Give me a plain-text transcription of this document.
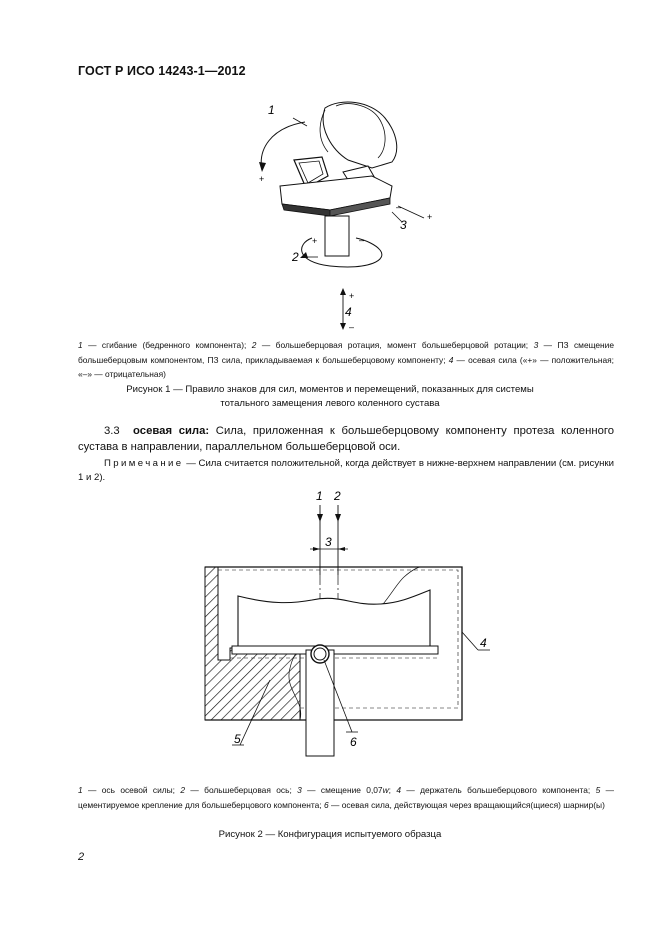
ГОСТ Р ИСО 14243-1—2012
+
+	–
–
+
1
2
3
+
–
4
1 — сгибание (бедренного компонента); 2 — большеберцовая ротация, момент большеберцовой ротации; 3 — ПЗ смещение большеберцовым компонентом, ПЗ сила, прикладываемая к большеберцовому компоненту; 4 — осевая сила («+» — положительная; «–» — отрицательная)
Рисунок 1 — Правило знаков для сил, моментов и перемещений, показанных для системы
тотального замещения левого коленного сустава
3.3 осевая сила: Сила, приложенная к большеберцовому компоненту протеза коленного сустава в направлении, параллельном большеберцовой оси.
Примечание — Сила считается положительной, когда действует в нижне-верхнем направлении (см. рисунки 1 и 2).
1 2
3
4
5	6
1 — ось осевой силы; 2 — большеберцовая ось; 3 — смещение 0,07w; 4 — держатель большеберцового компонента; 5 — цементируемое крепление для большеберцового компонента; 6 — осевая сила, действующая через вращающийся(щиеся) шарнир(ы)
Рисунок 2 — Конфигурация испытуемого образца
2
